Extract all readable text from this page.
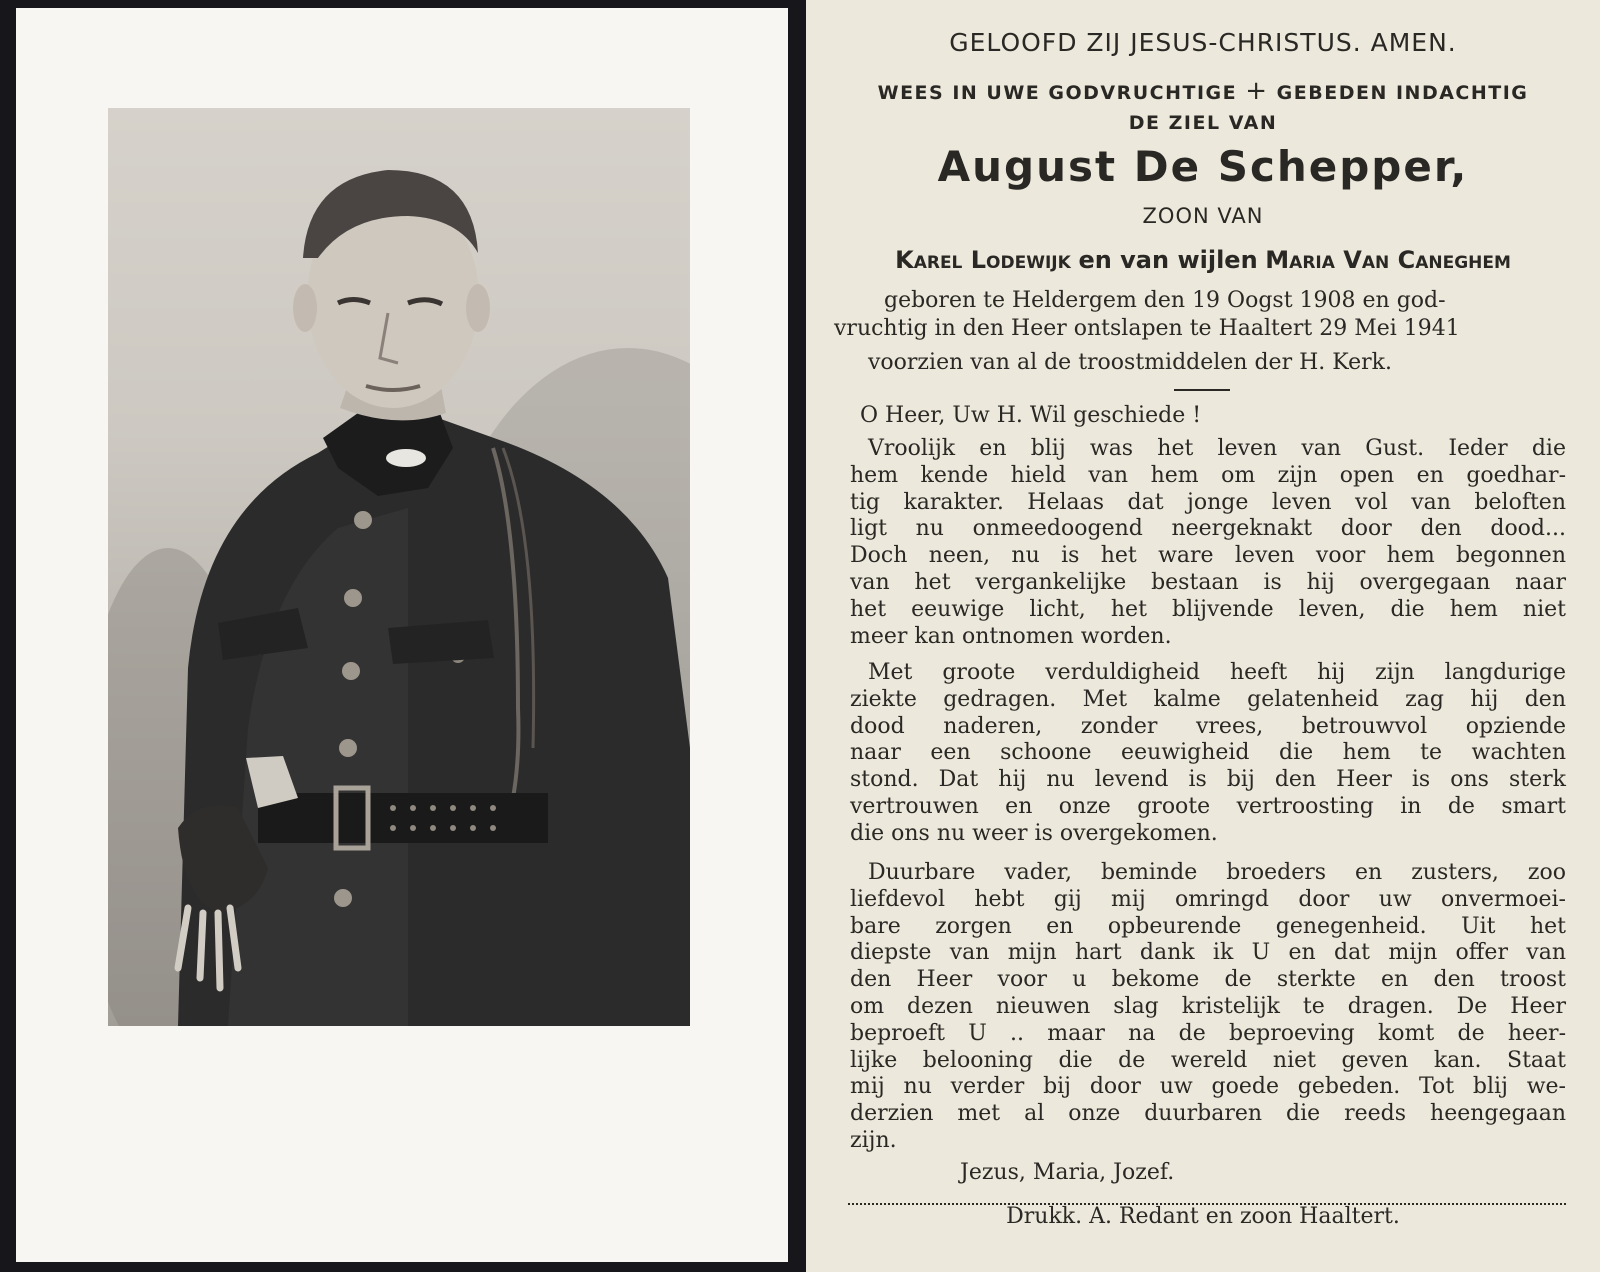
GELOOFD ZIJ JESUS-CHRISTUS. AMEN.
WEES IN UWE GODVRUCHTIGE + GEBEDEN INDACHTIG
DE ZIEL VAN
August De Schepper,
ZOON VAN
Karel Lodewijk en van wijlen Maria Van Caneghem
geboren te Heldergem den 19 Oogst 1908 en god-
vruchtig in den Heer ontslapen te Haaltert 29 Mei 1941
voorzien van al de troostmiddelen der H. Kerk.
O Heer, Uw H. Wil geschiede !
Vroolijk en blij was het leven van Gust. Ieder die
hem kende hield van hem om zijn open en goedhar-
tig karakter. Helaas dat jonge leven vol van beloften
ligt nu onmeedoogend neergeknakt door den dood...
Doch neen, nu is het ware leven voor hem begonnen
van het vergankelijke bestaan is hij overgegaan naar
het eeuwige licht, het blijvende leven, die hem niet
meer kan ontnomen worden.
Met groote verduldigheid heeft hij zijn langdurige
ziekte gedragen. Met kalme gelatenheid zag hij den
dood naderen, zonder vrees, betrouwvol opziende
naar een schoone eeuwigheid die hem te wachten
stond. Dat hij nu levend is bij den Heer is ons sterk
vertrouwen en onze groote vertroosting in de smart
die ons nu weer is overgekomen.
Duurbare vader, beminde broeders en zusters, zoo
liefdevol hebt gij mij omringd door uw onvermoei-
bare zorgen en opbeurende genegenheid. Uit het
diepste van mijn hart dank ik U en dat mijn offer van
den Heer voor u bekome de sterkte en den troost
om dezen nieuwen slag kristelijk te dragen. De Heer
beproeft U .. maar na de beproeving komt de heer-
lijke belooning die de wereld niet geven kan. Staat
mij nu verder bij door uw goede gebeden. Tot blij we-
derzien met al onze duurbaren die reeds heengegaan
zijn.
Jezus, Maria, Jozef.
Drukk. A. Redant en zoon Haaltert.
